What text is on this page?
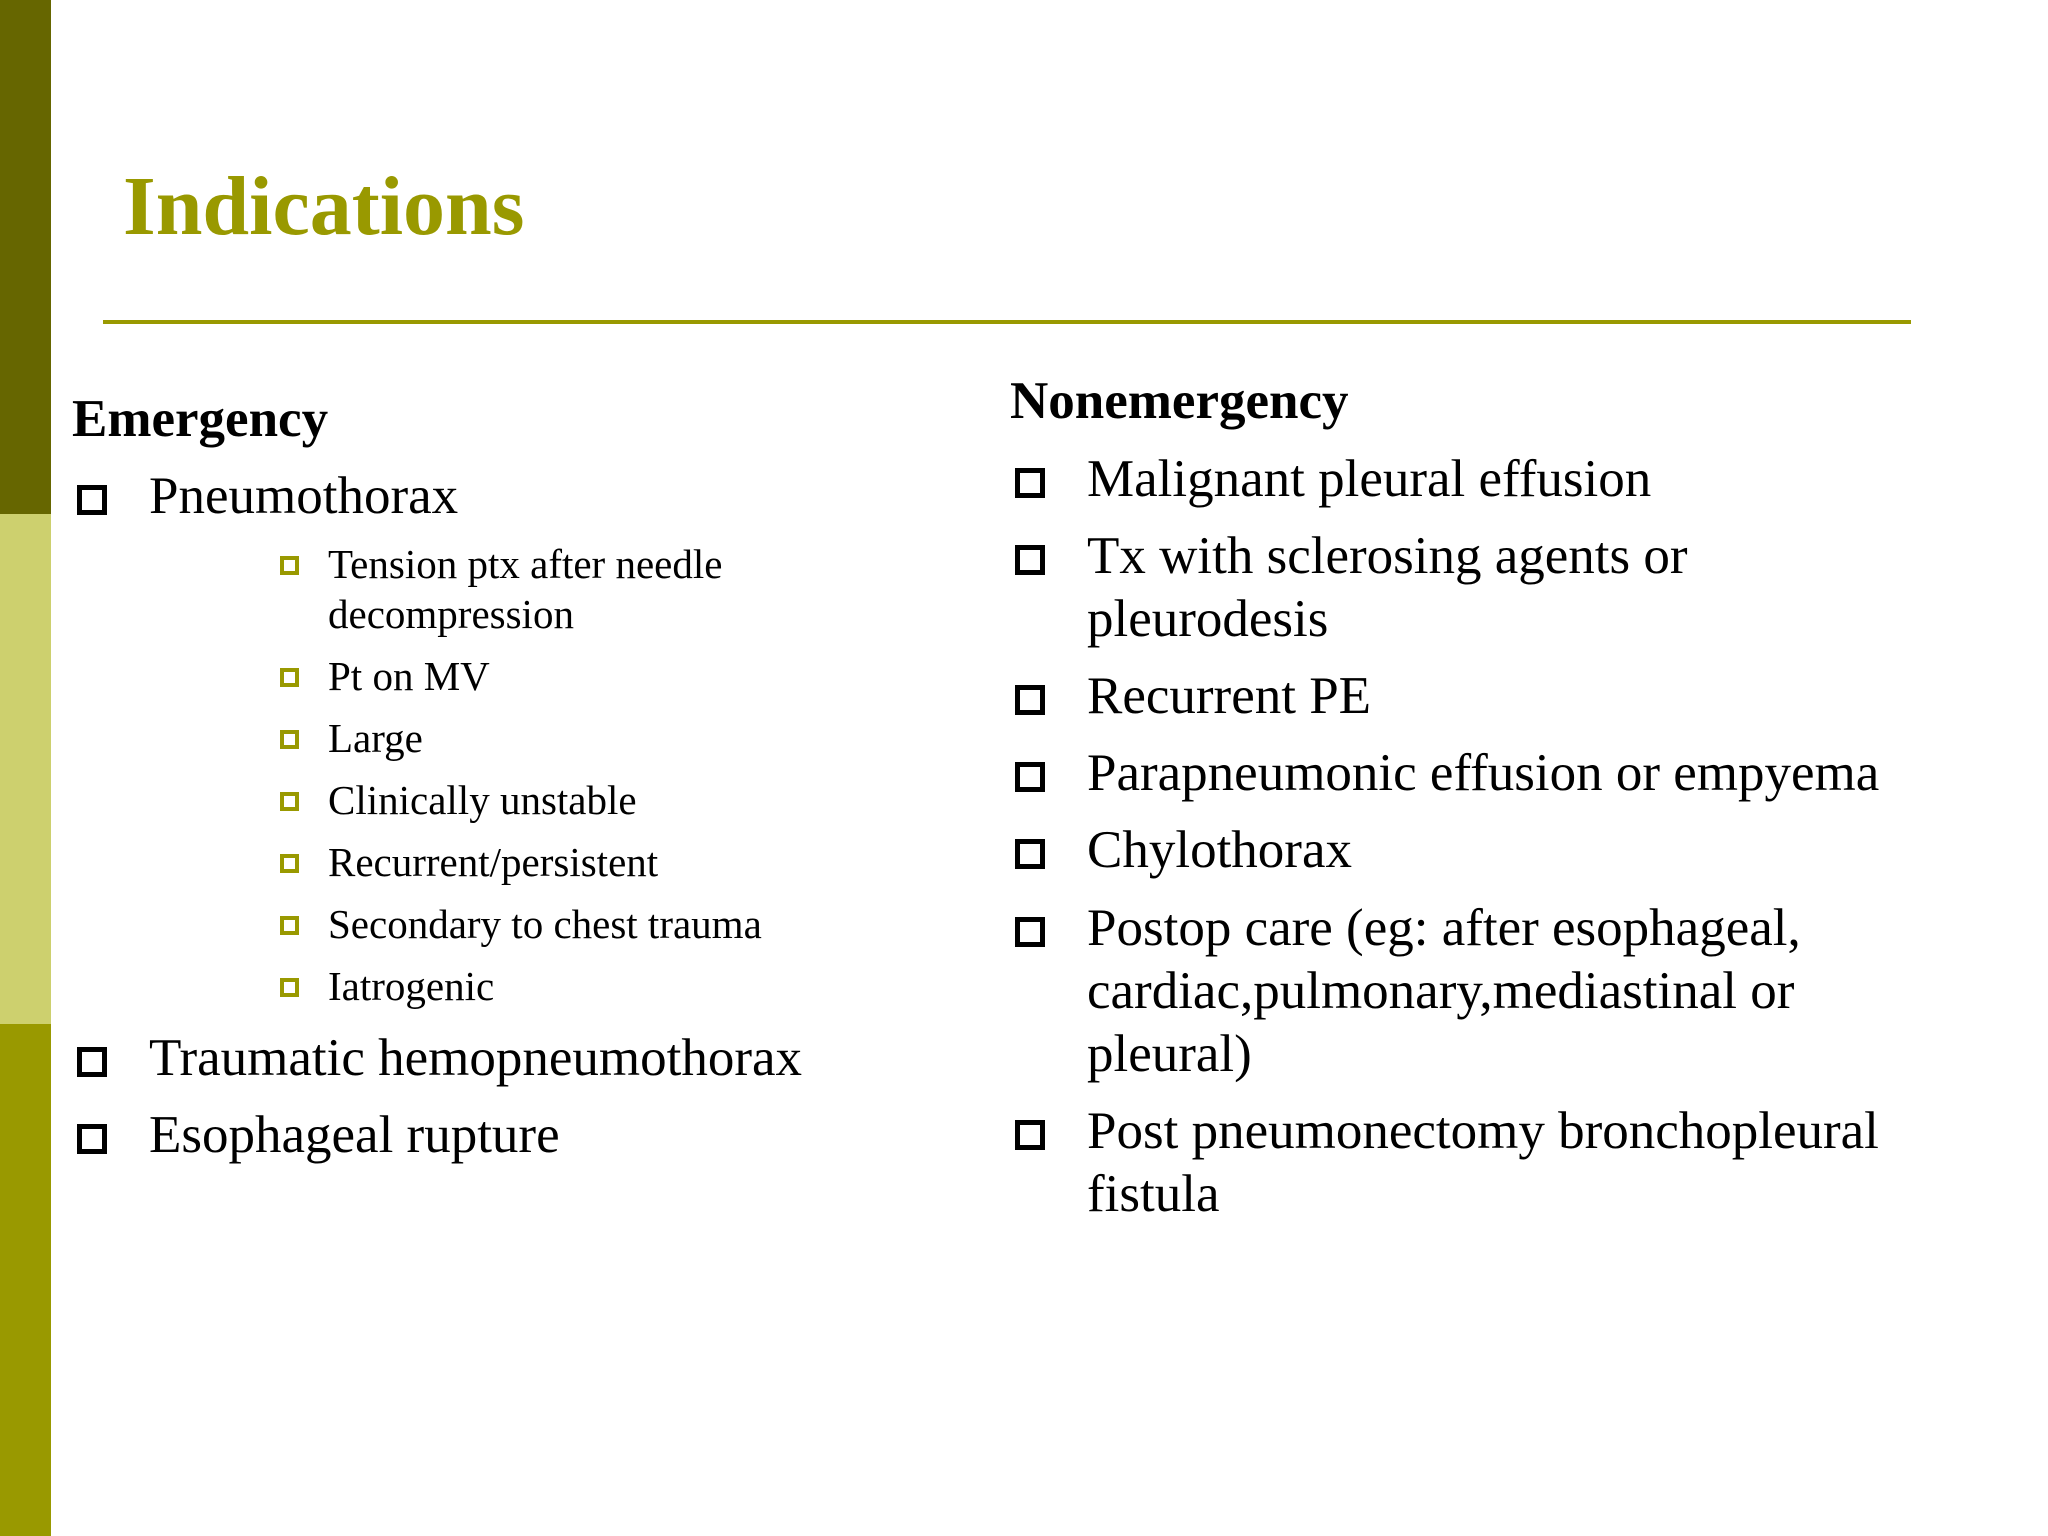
Indications
Emergency
Pneumothorax
Tension ptx after needle decompression
Pt on MV
Large
Clinically unstable
Recurrent/persistent
Secondary to chest trauma
Iatrogenic
Traumatic hemopneumothorax
Esophageal rupture
Nonemergency
Malignant pleural effusion
Tx with sclerosing agents or pleurodesis
Recurrent PE
Parapneumonic effusion or empyema
Chylothorax
Postop care (eg: after esophageal, cardiac,pulmonary,mediastinal or pleural)
Post pneumonectomy bronchopleural fistula
